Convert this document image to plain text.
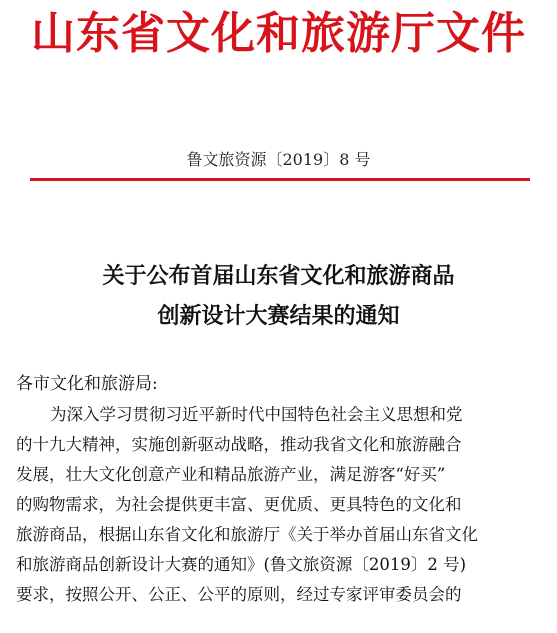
山东省文化和旅游厅文件
鲁文旅资源〔2019〕8 号
关于公布首届山东省文化和旅游商品
创新设计大赛结果的通知
各市文化和旅游局:
为深入学习贯彻习近平新时代中国特色社会主义思想和党
的十九大精神，实施创新驱动战略，推动我省文化和旅游融合
发展，壮大文化创意产业和精品旅游产业，满足游客“好买”
的购物需求，为社会提供更丰富、更优质、更具特色的文化和
旅游商品，根据山东省文化和旅游厅《关于举办首届山东省文化
和旅游商品创新设计大赛的通知》(鲁文旅资源〔2019〕2 号)
要求，按照公开、公正、公平的原则，经过专家评审委员会的
